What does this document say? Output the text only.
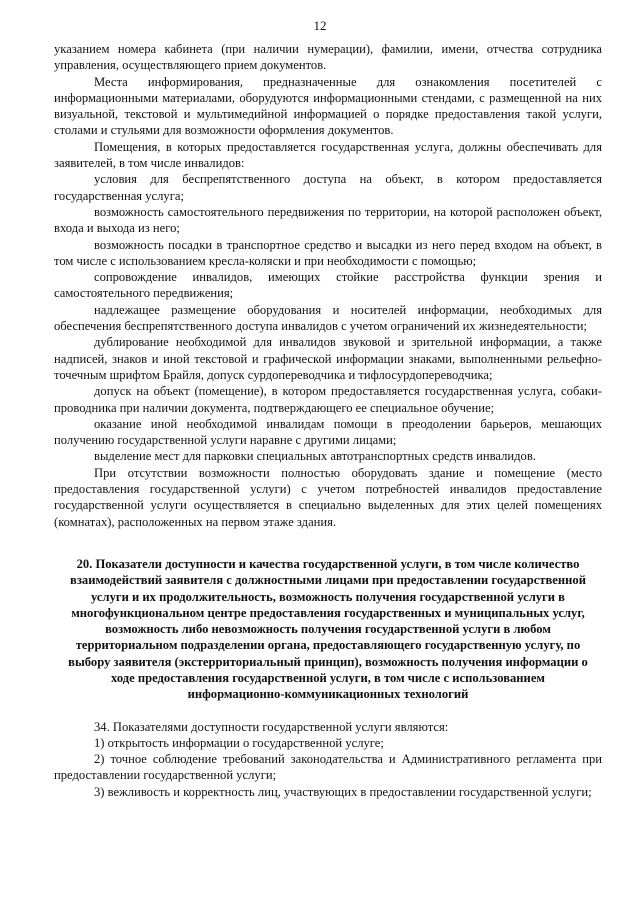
12

указанием номера кабинета (при наличии нумерации), фамилии, имени, отчества сотрудника управления, осуществляющего прием документов.

Места информирования, предназначенные для ознакомления посетителей с информационными материалами, оборудуются информационными стендами, с размещенной на них визуальной, текстовой и мультимедийной информацией о порядке предоставления такой услуги, столами и стульями для возможности оформления документов.

Помещения, в которых предоставляется государственная услуга, должны обеспечивать для заявителей, в том числе инвалидов:

условия для беспрепятственного доступа на объект, в котором предоставляется государственная услуга;

возможность самостоятельного передвижения по территории, на которой расположен объект, входа и выхода из него;

возможность посадки в транспортное средство и высадки из него перед входом на объект, в том числе с использованием кресла-коляски и при необходимости с помощью;

сопровождение инвалидов, имеющих стойкие расстройства функции зрения и самостоятельного передвижения;

надлежащее размещение оборудования и носителей информации, необходимых для обеспечения беспрепятственного доступа инвалидов с учетом ограничений их жизнедеятельности;

дублирование необходимой для инвалидов звуковой и зрительной информации, а также надписей, знаков и иной текстовой и графической информации знаками, выполненными рельефно-точечным шрифтом Брайля, допуск сурдопереводчика и тифлосурдопереводчика;

допуск на объект (помещение), в котором предоставляется государственная услуга, собаки-проводника при наличии документа, подтверждающего ее специальное обучение;

оказание иной необходимой инвалидам помощи в преодолении барьеров, мешающих получению государственной услуги наравне с другими лицами;

выделение мест для парковки специальных автотранспортных средств инвалидов.

При отсутствии возможности полностью оборудовать здание и помещение (место предоставления государственной услуги) с учетом потребностей инвалидов предоставление государственной услуги осуществляется в специально выделенных для этих целей помещениях (комнатах), расположенных на первом этаже здания.

20. Показатели доступности и качества государственной услуги, в том числе количество взаимодействий заявителя с должностными лицами при предоставлении государственной услуги и их продолжительность, возможность получения государственной услуги в многофункциональном центре предоставления государственных и муниципальных услуг, возможность либо невозможность получения государственной услуги в любом территориальном подразделении органа, предоставляющего государственную услугу, по выбору заявителя (экстерриториальный принцип), возможность получения информации о ходе предоставления государственной услуги, в том числе с использованием информационно-коммуникационных технологий

34. Показателями доступности государственной услуги являются:

1) открытость информации о государственной услуге;

2) точное соблюдение требований законодательства и Административного регламента при предоставлении государственной услуги;

3) вежливость и корректность лиц, участвующих в предоставлении государственной услуги;
